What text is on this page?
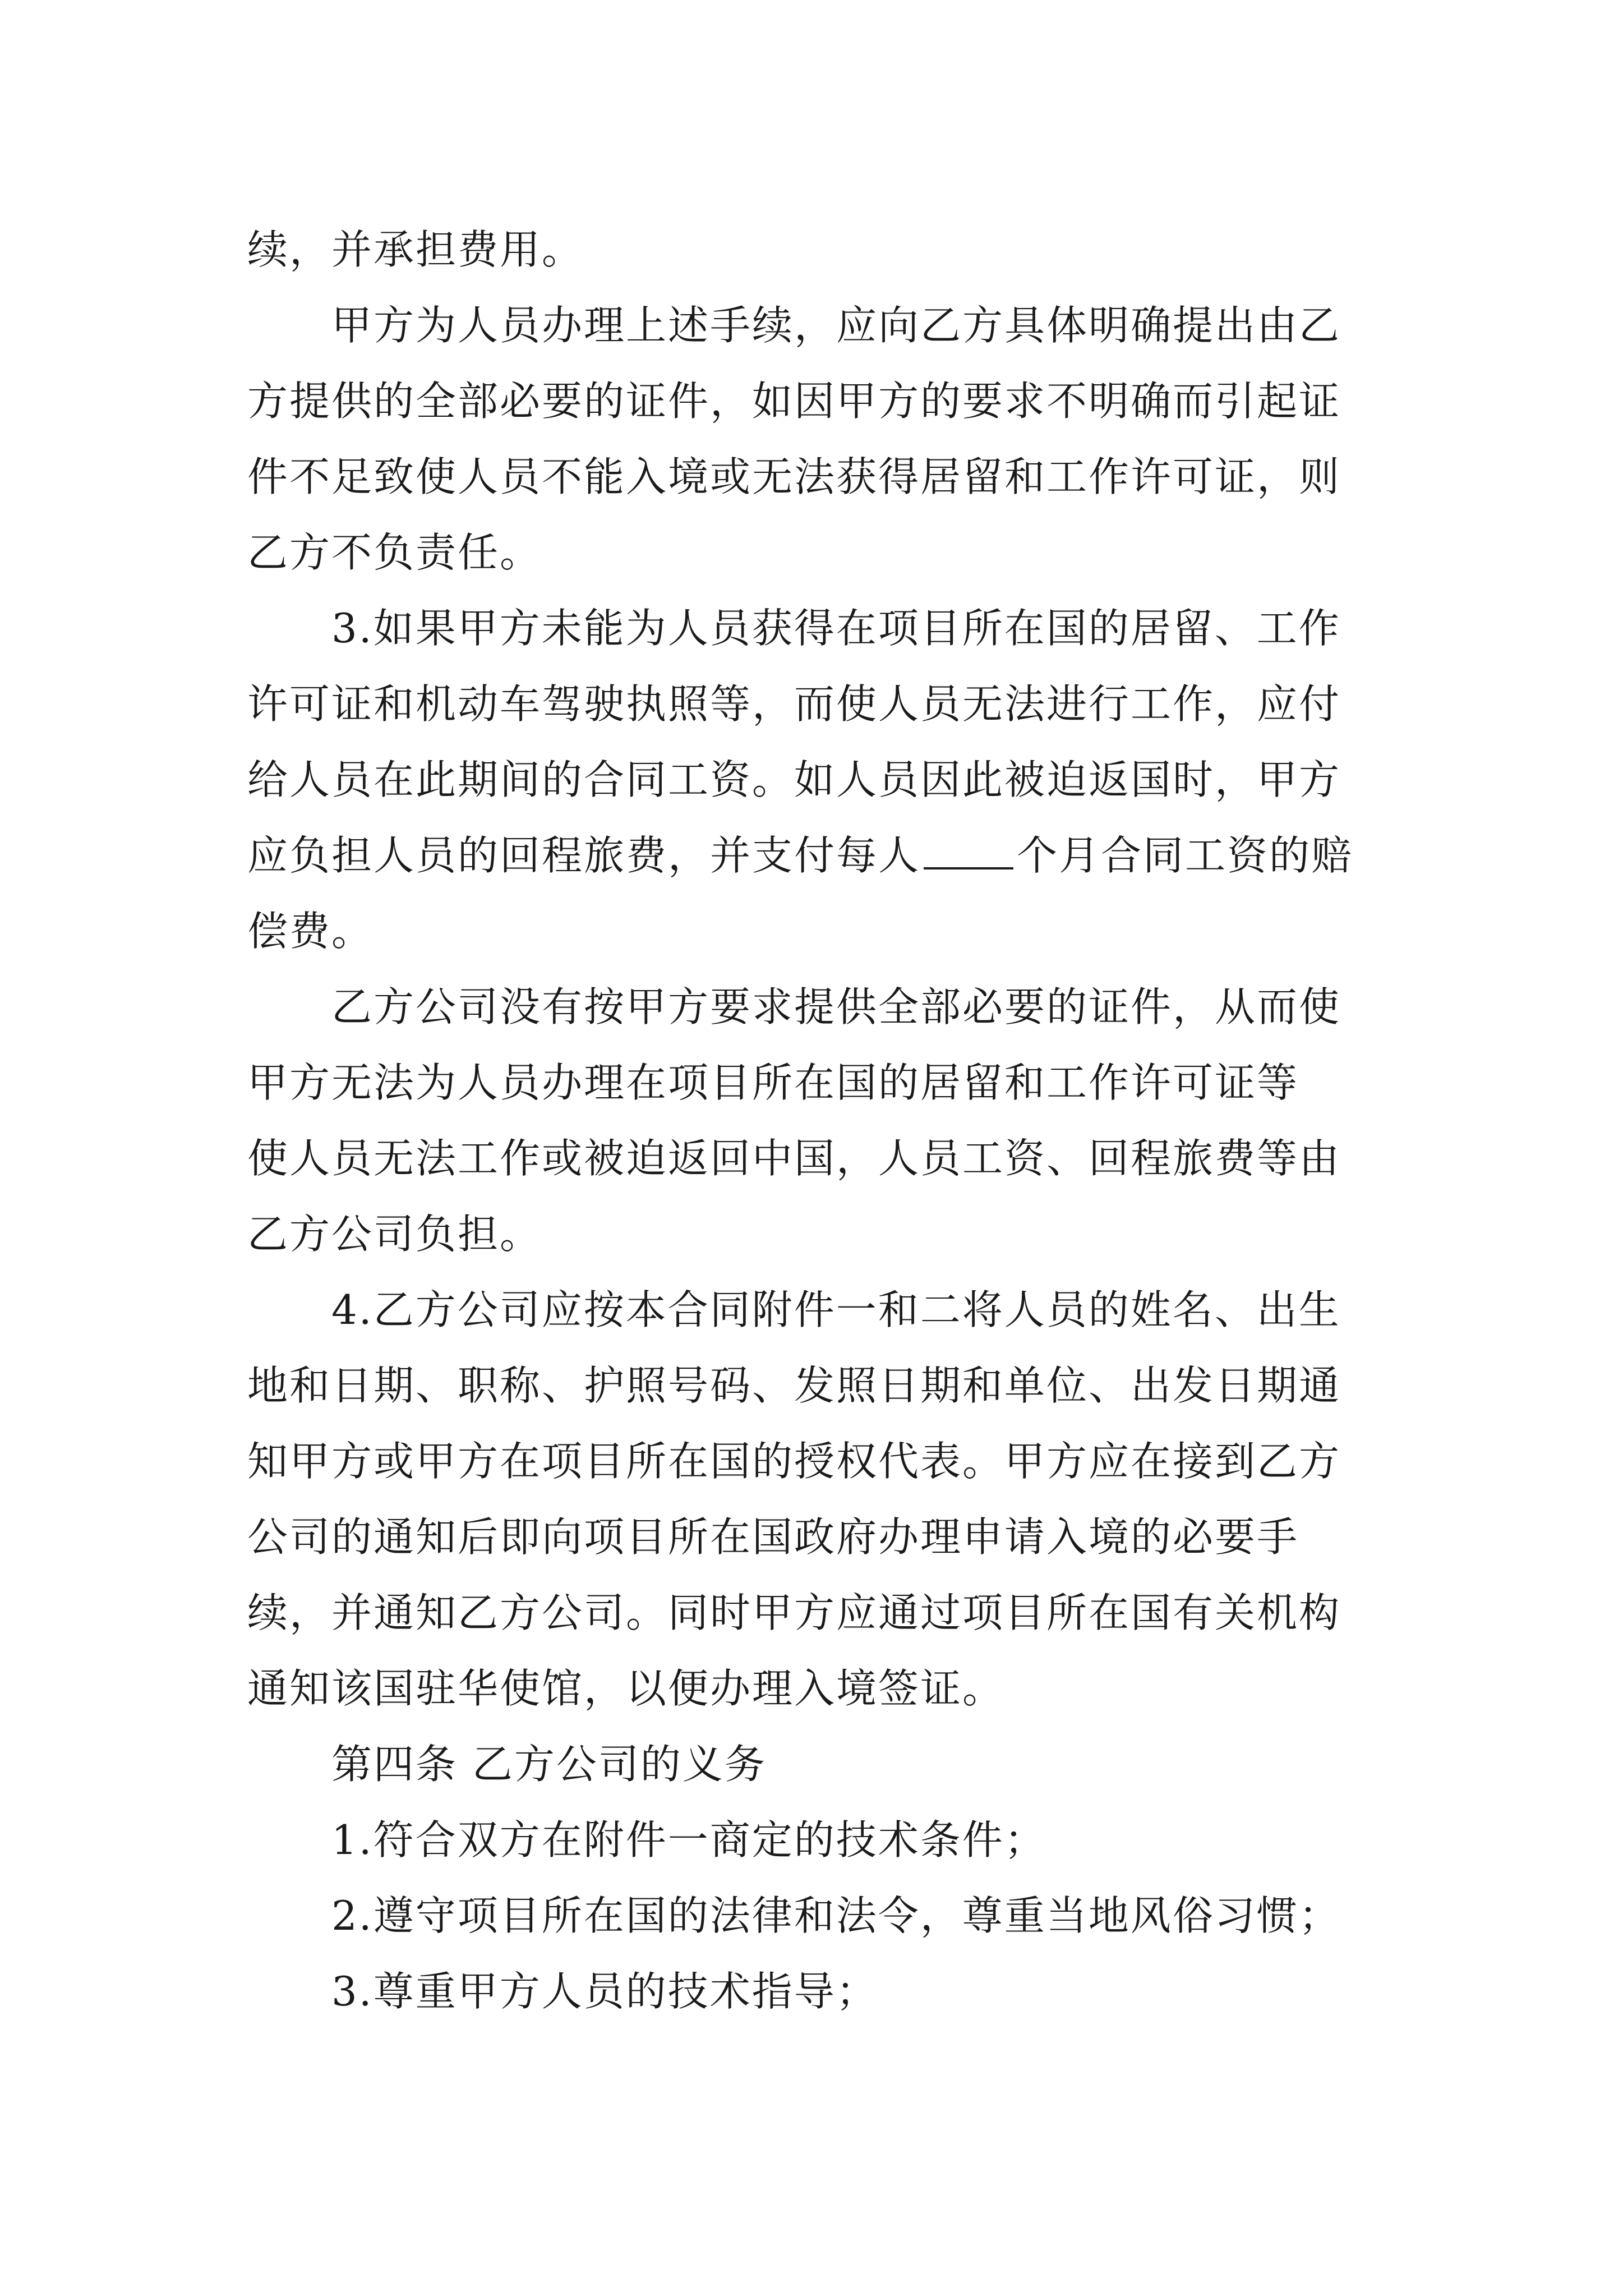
续，并承担费用。
甲方为人员办理上述手续，应向乙方具体明确提出由乙
方提供的全部必要的证件，如因甲方的要求不明确而引起证
件不足致使人员不能入境或无法获得居留和工作许可证，则
乙方不负责任。
3.如果甲方未能为人员获得在项目所在国的居留、工作
许可证和机动车驾驶执照等，而使人员无法进行工作，应付
给人员在此期间的合同工资。如人员因此被迫返国时，甲方
应负担人员的回程旅费，并支付每人 个月合同工资的赔
偿费。
乙方公司没有按甲方要求提供全部必要的证件，从而使
甲方无法为人员办理在项目所在国的居留和工作许可证等
使人员无法工作或被迫返回中国，人员工资、回程旅费等由
乙方公司负担。
4.乙方公司应按本合同附件一和二将人员的姓名、出生
地和日期、职称、护照号码、发照日期和单位、出发日期通
知甲方或甲方在项目所在国的授权代表。甲方应在接到乙方
公司的通知后即向项目所在国政府办理申请入境的必要手
续，并通知乙方公司。同时甲方应通过项目所在国有关机构
通知该国驻华使馆，以便办理入境签证。
第四条 乙方公司的义务
1.符合双方在附件一商定的技术条件；
2.遵守项目所在国的法律和法令，尊重当地风俗习惯；
3.尊重甲方人员的技术指导；
